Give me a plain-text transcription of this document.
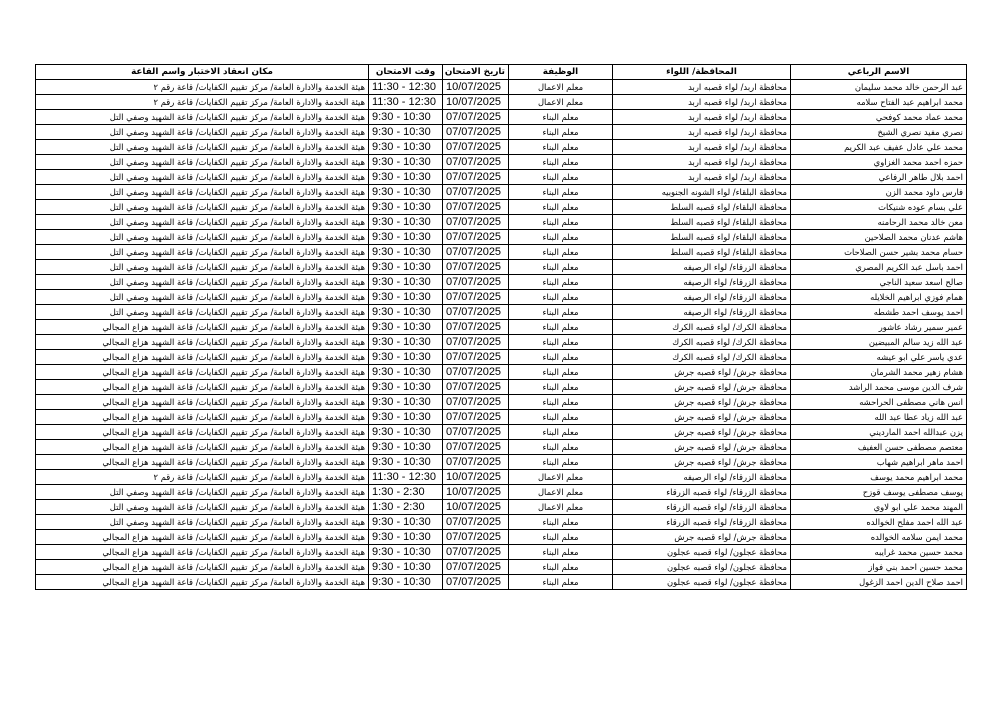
الاسم الرباعي	المحافظة/ اللواء	الوظيفة	تاريخ الامتحان	وقت الامتحان	مكان انعقاد الاختبار واسم القاعة
عبد الرحمن خالد محمد سليمان	محافظة اربد/ لواء قصبه اربد	معلم الاعمال	10/07/2025	11:30 - 12:30	هيئة الخدمة والادارة العامة/ مركز تقييم الكفايات/ قاعة رقم ٢
محمد ابراهيم عبد الفتاح سلامه	محافظة اربد/ لواء قصبه اربد	معلم الاعمال	10/07/2025	11:30 - 12:30	هيئة الخدمة والادارة العامة/ مركز تقييم الكفايات/ قاعة رقم ٢
محمد عماد محمد كوفحي	محافظة اربد/ لواء قصبه اربد	معلم البناء	07/07/2025	9:30 - 10:30	هيئة الخدمة والادارة العامة/ مركز تقييم الكفايات/ قاعة الشهيد وصفي التل
نصري مفيد نصري الشيخ	محافظة اربد/ لواء قصبه اربد	معلم البناء	07/07/2025	9:30 - 10:30	هيئة الخدمة والادارة العامة/ مركز تقييم الكفايات/ قاعة الشهيد وصفي التل
محمد علي عادل عفيف عبد الكريم	محافظة اربد/ لواء قصبه اربد	معلم البناء	07/07/2025	9:30 - 10:30	هيئة الخدمة والادارة العامة/ مركز تقييم الكفايات/ قاعة الشهيد وصفي التل
حمزه احمد محمد الغزاوي	محافظة اربد/ لواء قصبه اربد	معلم البناء	07/07/2025	9:30 - 10:30	هيئة الخدمة والادارة العامة/ مركز تقييم الكفايات/ قاعة الشهيد وصفي التل
احمد بلال طاهر الرفاعي	محافظة اربد/ لواء قصبه اربد	معلم البناء	07/07/2025	9:30 - 10:30	هيئة الخدمة والادارة العامة/ مركز تقييم الكفايات/ قاعة الشهيد وصفي التل
فارس داود محمد الزن	محافظة البلقاء/ لواء الشونه الجنوبيه	معلم البناء	07/07/2025	9:30 - 10:30	هيئة الخدمة والادارة العامة/ مركز تقييم الكفايات/ قاعة الشهيد وصفي التل
علي بسام عوده شنيكات	محافظة البلقاء/ لواء قصبه السلط	معلم البناء	07/07/2025	9:30 - 10:30	هيئة الخدمة والادارة العامة/ مركز تقييم الكفايات/ قاعة الشهيد وصفي التل
معن خالد محمد الرحامنه	محافظة البلقاء/ لواء قصبه السلط	معلم البناء	07/07/2025	9:30 - 10:30	هيئة الخدمة والادارة العامة/ مركز تقييم الكفايات/ قاعة الشهيد وصفي التل
هاشم عدنان محمد الصلاحين	محافظة البلقاء/ لواء قصبه السلط	معلم البناء	07/07/2025	9:30 - 10:30	هيئة الخدمة والادارة العامة/ مركز تقييم الكفايات/ قاعة الشهيد وصفي التل
حسام محمد بشير حسن الصلاحات	محافظة البلقاء/ لواء قصبه السلط	معلم البناء	07/07/2025	9:30 - 10:30	هيئة الخدمة والادارة العامة/ مركز تقييم الكفايات/ قاعة الشهيد وصفي التل
احمد باسل عبد الكريم المصري	محافظة الزرقاء/ لواء الرصيفه	معلم البناء	07/07/2025	9:30 - 10:30	هيئة الخدمة والادارة العامة/ مركز تقييم الكفايات/ قاعة الشهيد وصفي التل
صالح اسعد سعيد الناجي	محافظة الزرقاء/ لواء الرصيفه	معلم البناء	07/07/2025	9:30 - 10:30	هيئة الخدمة والادارة العامة/ مركز تقييم الكفايات/ قاعة الشهيد وصفي التل
همام فوزي ابراهيم الخلايله	محافظة الزرقاء/ لواء الرصيفه	معلم البناء	07/07/2025	9:30 - 10:30	هيئة الخدمة والادارة العامة/ مركز تقييم الكفايات/ قاعة الشهيد وصفي التل
احمد يوسف احمد طشطه	محافظة الزرقاء/ لواء الرصيفه	معلم البناء	07/07/2025	9:30 - 10:30	هيئة الخدمة والادارة العامة/ مركز تقييم الكفايات/ قاعة الشهيد وصفي التل
عمير سمير رشاد عاشور	محافظة الكرك/ لواء قصبه الكرك	معلم البناء	07/07/2025	9:30 - 10:30	هيئة الخدمة والادارة العامة/ مركز تقييم الكفايات/ قاعة الشهيد هزاع المجالي
عبد الله زيد سالم المبيضين	محافظة الكرك/ لواء قصبه الكرك	معلم البناء	07/07/2025	9:30 - 10:30	هيئة الخدمة والادارة العامة/ مركز تقييم الكفايات/ قاعة الشهيد هزاع المجالي
عدي ياسر علي ابو عيشه	محافظة الكرك/ لواء قصبه الكرك	معلم البناء	07/07/2025	9:30 - 10:30	هيئة الخدمة والادارة العامة/ مركز تقييم الكفايات/ قاعة الشهيد هزاع المجالي
هشام زهير محمد الشرمان	محافظة جرش/ لواء قصبه جرش	معلم البناء	07/07/2025	9:30 - 10:30	هيئة الخدمة والادارة العامة/ مركز تقييم الكفايات/ قاعة الشهيد هزاع المجالي
شرف الدين موسى محمد الراشد	محافظة جرش/ لواء قصبه جرش	معلم البناء	07/07/2025	9:30 - 10:30	هيئة الخدمة والادارة العامة/ مركز تقييم الكفايات/ قاعة الشهيد هزاع المجالي
انس هاني مصطفى الحراحشه	محافظة جرش/ لواء قصبه جرش	معلم البناء	07/07/2025	9:30 - 10:30	هيئة الخدمة والادارة العامة/ مركز تقييم الكفايات/ قاعة الشهيد هزاع المجالي
عبد الله زياد عطا عبد الله	محافظة جرش/ لواء قصبه جرش	معلم البناء	07/07/2025	9:30 - 10:30	هيئة الخدمة والادارة العامة/ مركز تقييم الكفايات/ قاعة الشهيد هزاع المجالي
يزن عبدالله احمد المارديني	محافظة جرش/ لواء قصبه جرش	معلم البناء	07/07/2025	9:30 - 10:30	هيئة الخدمة والادارة العامة/ مركز تقييم الكفايات/ قاعة الشهيد هزاع المجالي
معتصم مصطفى حسن العفيف	محافظة جرش/ لواء قصبه جرش	معلم البناء	07/07/2025	9:30 - 10:30	هيئة الخدمة والادارة العامة/ مركز تقييم الكفايات/ قاعة الشهيد هزاع المجالي
احمد ماهر ابراهيم شهاب	محافظة جرش/ لواء قصبه جرش	معلم البناء	07/07/2025	9:30 - 10:30	هيئة الخدمة والادارة العامة/ مركز تقييم الكفايات/ قاعة الشهيد هزاع المجالي
محمد ابراهيم محمد يوسف	محافظة الزرقاء/ لواء الرصيفه	معلم الاعمال	10/07/2025	11:30 - 12:30	هيئة الخدمة والادارة العامة/ مركز تقييم الكفايات/ قاعة رقم ٢
يوسف مصطفى يوسف قوزح	محافظة الزرقاء/ لواء قصبه الزرقاء	معلم الاعمال	10/07/2025	1:30 - 2:30	هيئة الخدمة والادارة العامة/ مركز تقييم الكفايات/ قاعة الشهيد وصفي التل
المهند محمد علي ابو لاوي	محافظة الزرقاء/ لواء قصبه الزرقاء	معلم الاعمال	10/07/2025	1:30 - 2:30	هيئة الخدمة والادارة العامة/ مركز تقييم الكفايات/ قاعة الشهيد وصفي التل
عبد الله احمد مفلح الخوالده	محافظة الزرقاء/ لواء قصبه الزرقاء	معلم البناء	07/07/2025	9:30 - 10:30	هيئة الخدمة والادارة العامة/ مركز تقييم الكفايات/ قاعة الشهيد وصفي التل
محمد ايمن سلامه الخوالده	محافظة جرش/ لواء قصبه جرش	معلم البناء	07/07/2025	9:30 - 10:30	هيئة الخدمة والادارة العامة/ مركز تقييم الكفايات/ قاعة الشهيد هزاع المجالي
محمد حسين محمد غرايبه	محافظة عجلون/ لواء قصبه عجلون	معلم البناء	07/07/2025	9:30 - 10:30	هيئة الخدمة والادارة العامة/ مركز تقييم الكفايات/ قاعة الشهيد هزاع المجالي
محمد حسين احمد بني فواز	محافظة عجلون/ لواء قصبه عجلون	معلم البناء	07/07/2025	9:30 - 10:30	هيئة الخدمة والادارة العامة/ مركز تقييم الكفايات/ قاعة الشهيد هزاع المجالي
احمد صلاح الدين احمد الزغول	محافظة عجلون/ لواء قصبه عجلون	معلم البناء	07/07/2025	9:30 - 10:30	هيئة الخدمة والادارة العامة/ مركز تقييم الكفايات/ قاعة الشهيد هزاع المجالي
